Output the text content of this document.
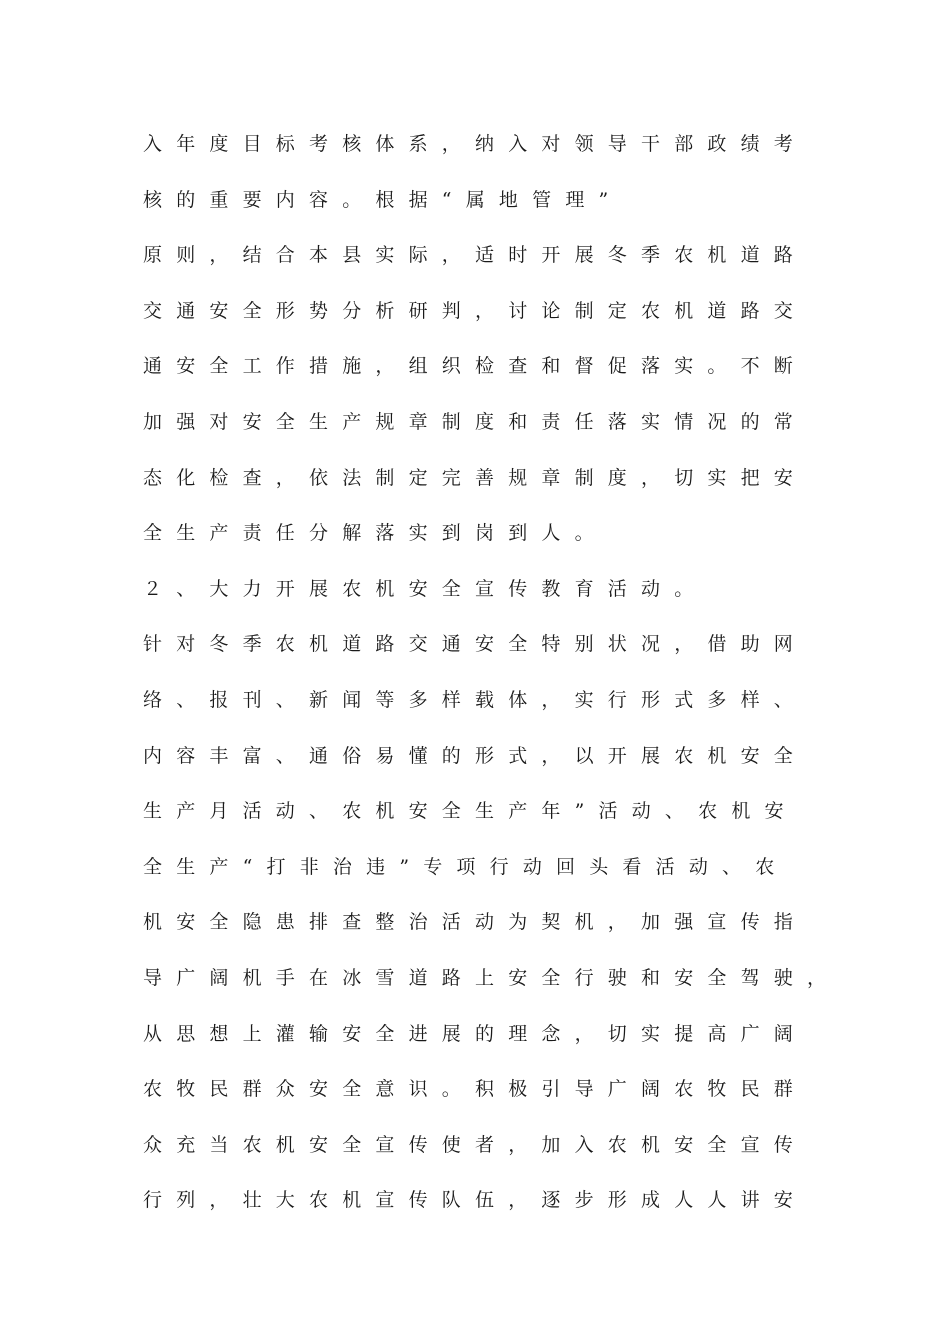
入年度目标考核体系，纳入对领导干部政绩考
核的重要内容。根据“属地管理”
原则，结合本县实际，适时开展冬季农机道路
交通安全形势分析研判，讨论制定农机道路交
通安全工作措施，组织检查和督促落实。不断
加强对安全生产规章制度和责任落实情况的常
态化检查，依法制定完善规章制度，切实把安
全生产责任分解落实到岗到人。
２、大力开展农机安全宣传教育活动。
针对冬季农机道路交通安全特别状况，借助网
络、报刊、新闻等多样载体，实行形式多样、
内容丰富、通俗易懂的形式，以开展农机安全
生产月活动、农机安全生产年”活动、农机安
全生产“打非治违”专项行动回头看活动、农
机安全隐患排查整治活动为契机，加强宣传指
导广阔机手在冰雪道路上安全行驶和安全驾驶，
从思想上灌输安全进展的理念，切实提高广阔
农牧民群众安全意识。积极引导广阔农牧民群
众充当农机安全宣传使者，加入农机安全宣传
行列，壮大农机宣传队伍，逐步形成人人讲安
